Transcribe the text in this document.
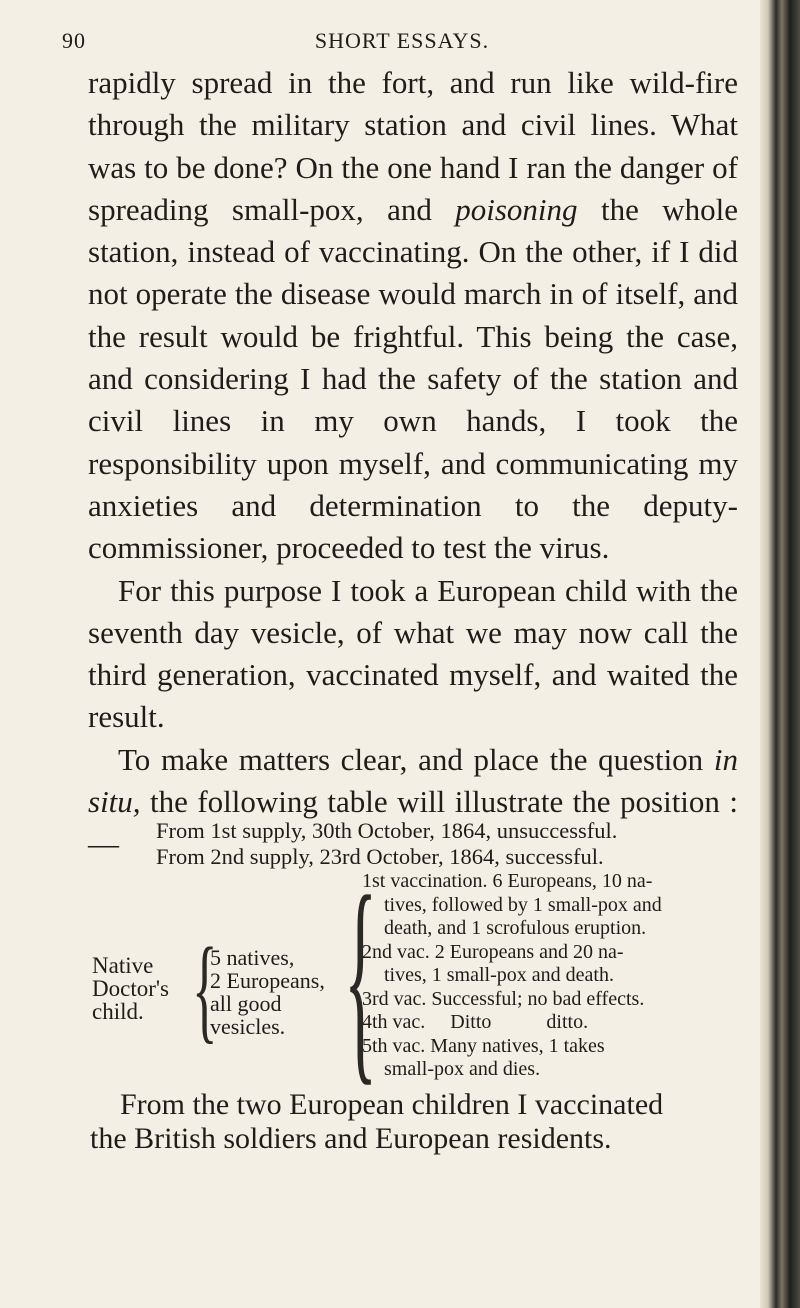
90	SHORT ESSAYS.

rapidly spread in the fort, and run like wild-fire through the military station and civil lines. What was to be done? On the one hand I ran the danger of spreading small-pox, and poisoning the whole station, instead of vaccinating. On the other, if I did not operate the disease would march in of itself, and the result would be frightful. This being the case, and considering I had the safety of the station and civil lines in my own hands, I took the responsibility upon myself, and communicating my anxieties and determination to the deputy-commissioner, proceeded to test the virus.

For this purpose I took a European child with the seventh day vesicle, of what we may now call the third generation, vaccinated myself, and waited the result.

To make matters clear, and place the question in situ, the following table will illustrate the position :—	From 1st supply, 30th October, 1864, unsuccessful.
From 2nd supply, 23rd October, 1864, successful.
Native
Doctor's
child. {
5 natives,
2 Europeans,
all good
vesicles. {
1st vaccination. 6 Europeans, 10 na-
tives, followed by 1 small-pox and
death, and 1 scrofulous eruption.
2nd vac. 2 Europeans and 20 na-
tives, 1 small-pox and death.
3rd vac. Successful; no bad effects.
4th vac.     Ditto           ditto.
5th vac. Many natives, 1 takes
small-pox and dies.
From the two European children I vaccinated
the British soldiers and European residents.
